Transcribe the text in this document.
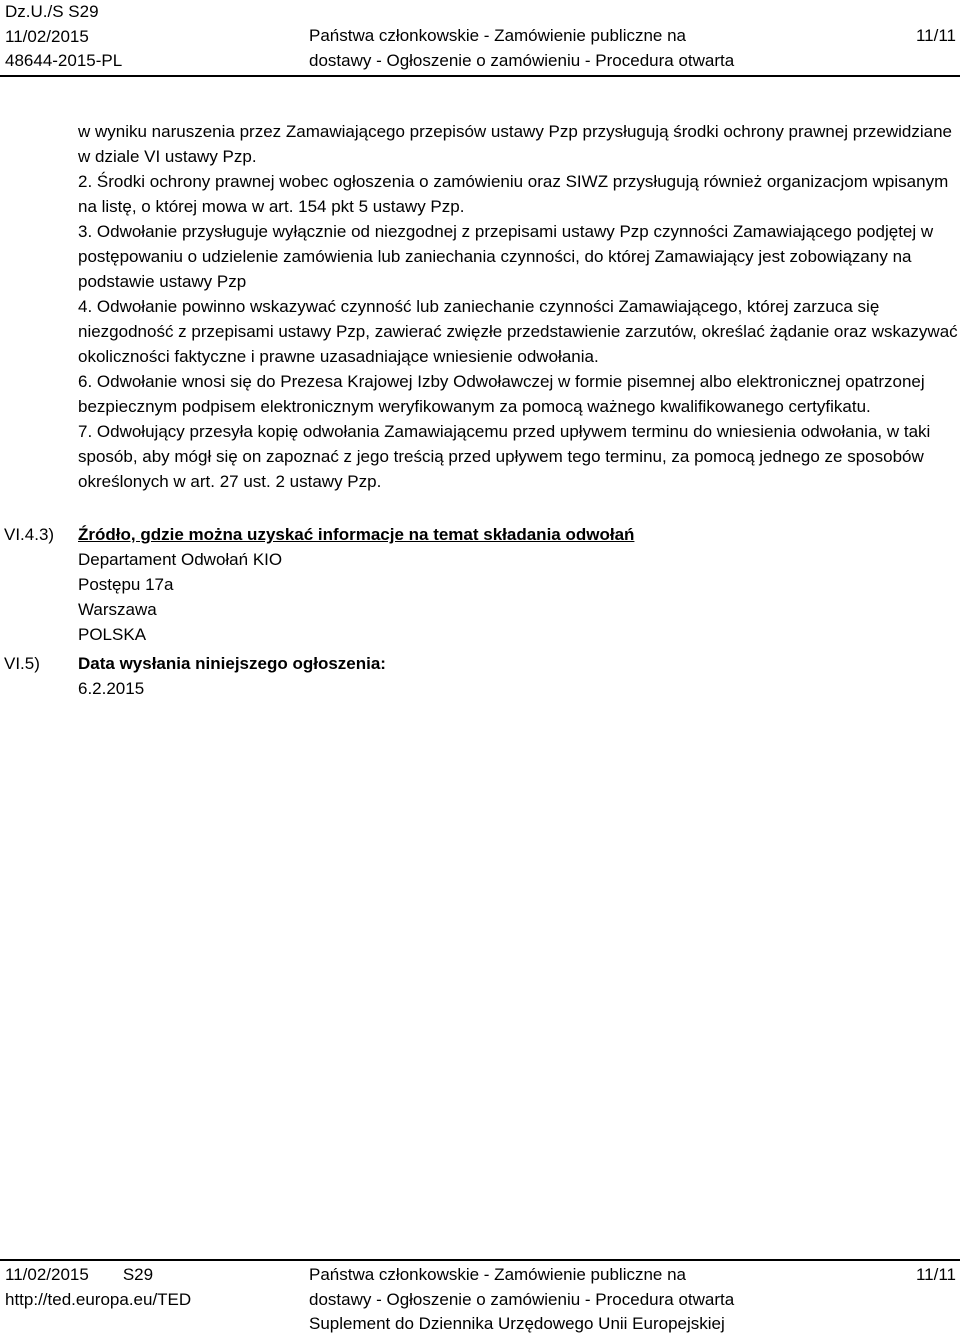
Dz.U./S S29
11/02/2015
48644-2015-PL
Państwa członkowskie - Zamówienie publiczne na
dostawy - Ogłoszenie o zamówieniu - Procedura otwarta
11/11

w wyniku naruszenia przez Zamawiającego przepisów ustawy Pzp przysługują środki ochrony prawnej przewidziane w dziale VI ustawy Pzp.

2. Środki ochrony prawnej wobec ogłoszenia o zamówieniu oraz SIWZ przysługują również organizacjom wpisanym na listę, o której mowa w art. 154 pkt 5 ustawy Pzp.

3. Odwołanie przysługuje wyłącznie od niezgodnej z przepisami ustawy Pzp czynności Zamawiającego podjętej w postępowaniu o udzielenie zamówienia lub zaniechania czynności, do której Zamawiający jest zobowiązany na podstawie ustawy Pzp

4. Odwołanie powinno wskazywać czynność lub zaniechanie czynności Zamawiającego, której zarzuca się niezgodność z przepisami ustawy Pzp, zawierać zwięzłe przedstawienie zarzutów, określać żądanie oraz wskazywać okoliczności faktyczne i prawne uzasadniające wniesienie odwołania.

6. Odwołanie wnosi się do Prezesa Krajowej Izby Odwoławczej w formie pisemnej albo elektronicznej opatrzonej bezpiecznym podpisem elektronicznym weryfikowanym za pomocą ważnego kwalifikowanego certyfikatu.

7. Odwołujący przesyła kopię odwołania Zamawiającemu przed upływem terminu do wniesienia odwołania, w taki sposób, aby mógł się on zapoznać z jego treścią przed upływem tego terminu, za pomocą jednego ze sposobów określonych w art. 27 ust. 2 ustawy Pzp.

VI.4.3) Źródło, gdzie można uzyskać informacje na temat składania odwołań

Departament Odwołań KIO

Postępu 17a

Warszawa

POLSKA

VI.5) Data wysłania niniejszego ogłoszenia:

6.2.2015

11/02/2015 S29
http://ted.europa.eu/TED
Państwa członkowskie - Zamówienie publiczne na
dostawy - Ogłoszenie o zamówieniu - Procedura otwarta
Suplement do Dziennika Urzędowego Unii Europejskiej
11/11
